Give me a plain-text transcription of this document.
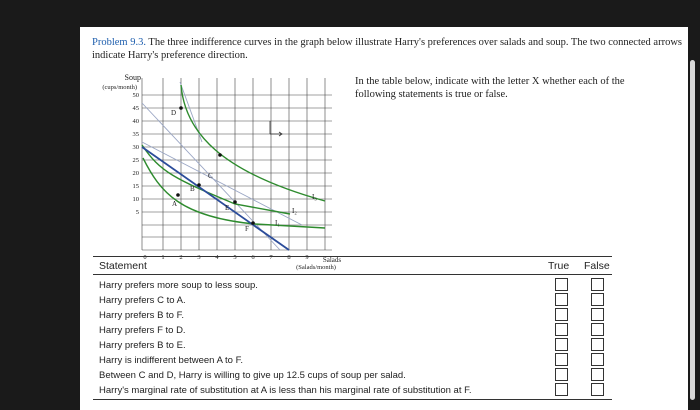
Problem 9.3. The three indifference curves in the graph below illustrate Harry's preferences over salads and soup. The two connected arrows indicate Harry's preference direction.
In the table below, indicate with the letter X whether each of the following statements is true or false.
Soup
(cups/month)
Salads
(Salads/month)
50
45
40
35
30
25
20
15
10
5
0 1 2 3 4 5 6 7 8 9
D
C
B
A	E
F
I₃
I₂
I₁
Statement	True False
Harry prefers more soup to less soup.
Harry prefers C to A.
Harry prefers B to F.
Harry prefers F to D.
Harry prefers B to E.
Harry is indifferent between A to F.
Between C and D, Harry is willing to give up 12.5 cups of soup per salad.
Harry's marginal rate of substitution at A is less than his marginal rate of substitution at F.
